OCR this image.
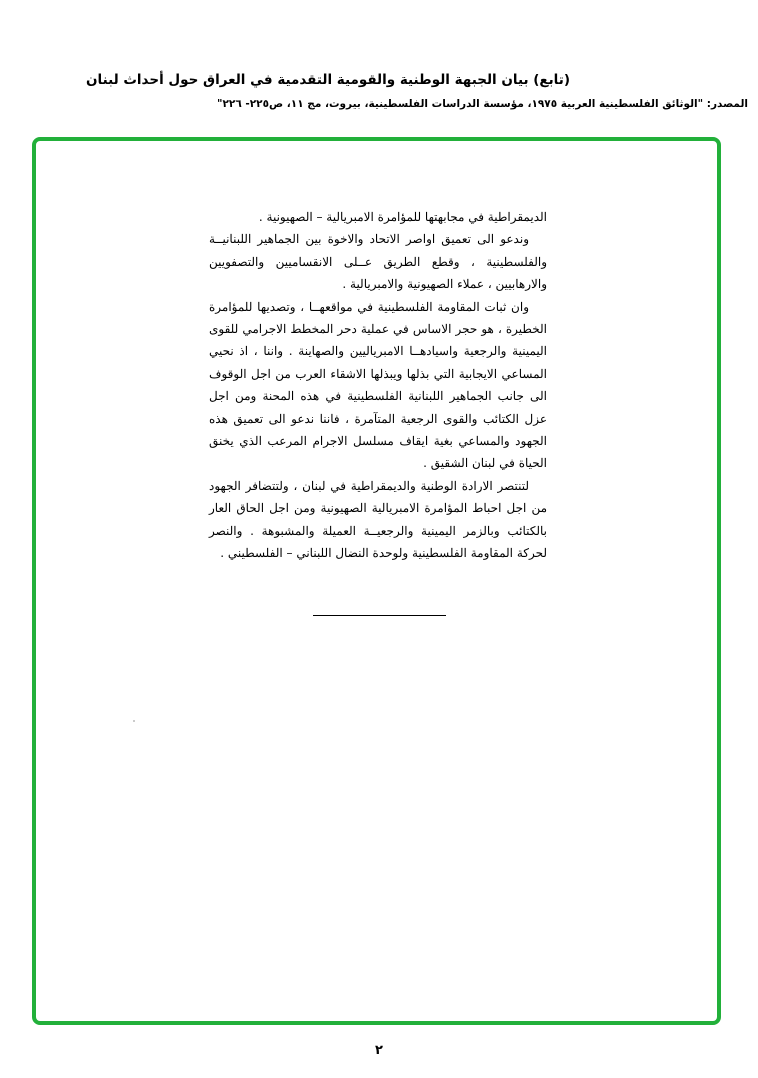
(تابع) بيان الجبهة الوطنية والقومية التقدمية في العراق حول أحداث لبنان
المصدر: "الوثائق الفلسطينية العربية ١٩٧٥، مؤسسة الدراسات الفلسطينية، بيروت، مج ١١، ص٢٢٥- ٢٢٦"

الديمقراطية في مجابهتها للمؤامرة الامبريالية – الصهيونية .

وندعو الى تعميق اواصر الاتحاد والاخوة بين الجماهير اللبنانيــة والفلسطينية ، وقطع الطريق عــلى الانقساميين والتصفويين والارهابيين ، عملاء الصهيونية والامبريالية .

وان ثبات المقاومة الفلسطينية في مواقعهــا ، وتصديها للمؤامرة الخطيرة ، هو حجر الاساس في عملية دحر المخطط الاجرامي للقوى اليمينية والرجعية واسيادهــا الامبرياليين والصهاينة . واننا ، اذ نحيي المساعي الايجابية التي بذلها ويبذلها الاشقاء العرب من اجل الوقوف الى جانب الجماهير اللبنانية الفلسطينية في هذه المحنة ومن اجل عزل الكتائب والقوى الرجعية المتآمرة ، فاننا ندعو الى تعميق هذه الجهود والمساعي بغية ايقاف مسلسل الاجرام المرعب الذي يخنق الحياة في لبنان الشقيق .

لتنتصر الارادة الوطنية والديمقراطية في لبنان ، ولتتضافر الجهود من اجل احباط المؤامرة الامبريالية الصهيونية ومن اجل الحاق العار بالكتائب وبالزمر اليمينية والرجعيــة العميلة والمشبوهة . والنصر لحركة المقاومة الفلسطينية ولوحدة النضال اللبناني – الفلسطيني .

٢
